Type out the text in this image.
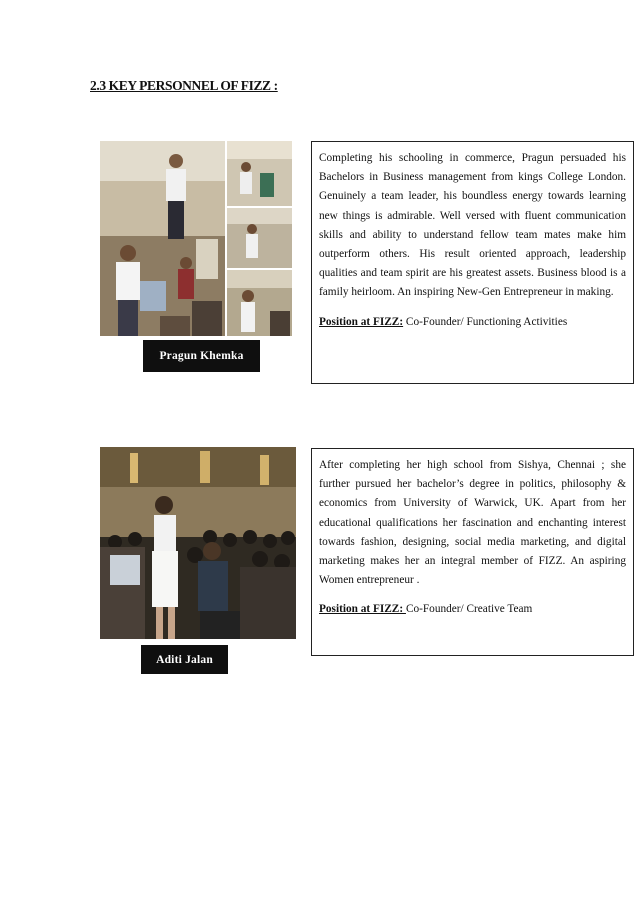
2.3 KEY PERSONNEL OF FIZZ :
Pragun Khemka

Completing his schooling in commerce, Pragun persuaded his Bachelors in Business management from kings College London. Genuinely a team leader, his boundless energy towards learning new things is admirable. Well versed with fluent communication skills and ability to understand fellow team mates make him outperform others. His result oriented approach, leadership qualities and team spirit are his greatest assets. Business blood is a family heirloom. An inspiring New-Gen Entrepreneur in making.

Position at FIZZ: Co-Founder/ Functioning Activities
Aditi Jalan

After completing her high school from Sishya, Chennai ; she further pursued her bachelor’s degree in politics, philosophy & economics from University of Warwick, UK. Apart from her educational qualifications her fascination and enchanting interest towards fashion, designing, social media marketing, and digital marketing makes her an integral member of FIZZ. An aspiring Women entrepreneur .

Position at FIZZ: Co-Founder/ Creative Team
